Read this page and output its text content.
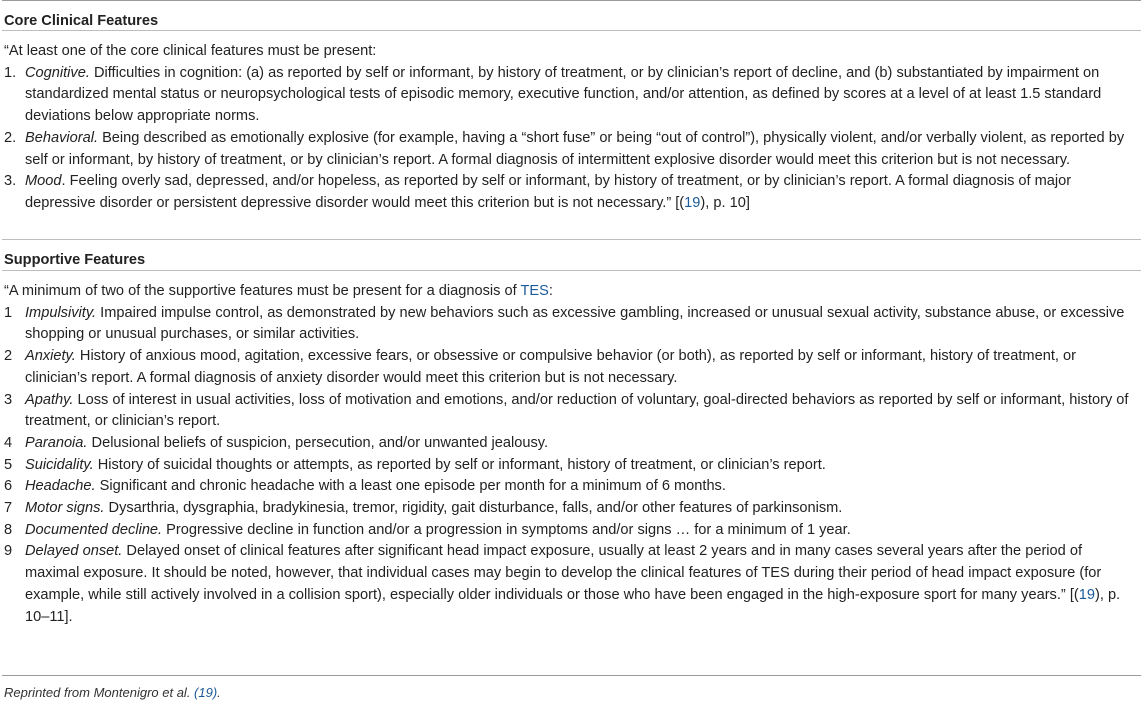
Core Clinical Features

“At least one of the core clinical features must be present:

1. Cognitive. Difficulties in cognition: (a) as reported by self or informant, by history of treatment, or by clinician’s report of decline, and (b) substantiated by impairment on standardized mental status or neuropsychological tests of episodic memory, executive function, and/or attention, as defined by scores at a level of at least 1.5 standard deviations below appropriate norms.
2. Behavioral. Being described as emotionally explosive (for example, having a “short fuse” or being “out of control”), physically violent, and/or verbally violent, as reported by self or informant, by history of treatment, or by clinician’s report. A formal diagnosis of intermittent explosive disorder would meet this criterion but is not necessary.
3. Mood. Feeling overly sad, depressed, and/or hopeless, as reported by self or informant, by history of treatment, or by clinician’s report. A formal diagnosis of major depressive disorder or persistent depressive disorder would meet this criterion but is not necessary.” [(19), p. 10]
Supportive Features

“A minimum of two of the supportive features must be present for a diagnosis of TES:

1 Impulsivity. Impaired impulse control, as demonstrated by new behaviors such as excessive gambling, increased or unusual sexual activity, substance abuse, or excessive shopping or unusual purchases, or similar activities.
2 Anxiety. History of anxious mood, agitation, excessive fears, or obsessive or compulsive behavior (or both), as reported by self or informant, history of treatment, or clinician’s report. A formal diagnosis of anxiety disorder would meet this criterion but is not necessary.
3 Apathy. Loss of interest in usual activities, loss of motivation and emotions, and/or reduction of voluntary, goal-directed behaviors as reported by self or informant, history of treatment, or clinician’s report.
4 Paranoia. Delusional beliefs of suspicion, persecution, and/or unwanted jealousy.
5 Suicidality. History of suicidal thoughts or attempts, as reported by self or informant, history of treatment, or clinician’s report.
6 Headache. Significant and chronic headache with a least one episode per month for a minimum of 6 months.
7 Motor signs. Dysarthria, dysgraphia, bradykinesia, tremor, rigidity, gait disturbance, falls, and/or other features of parkinsonism.
8 Documented decline. Progressive decline in function and/or a progression in symptoms and/or signs … for a minimum of 1 year.
9 Delayed onset. Delayed onset of clinical features after significant head impact exposure, usually at least 2 years and in many cases several years after the period of maximal exposure. It should be noted, however, that individual cases may begin to develop the clinical features of TES during their period of head impact exposure (for example, while still actively involved in a collision sport), especially older individuals or those who have been engaged in the high-exposure sport for many years.” [(19), p. 10–11].
Reprinted from Montenigro et al. (19).
